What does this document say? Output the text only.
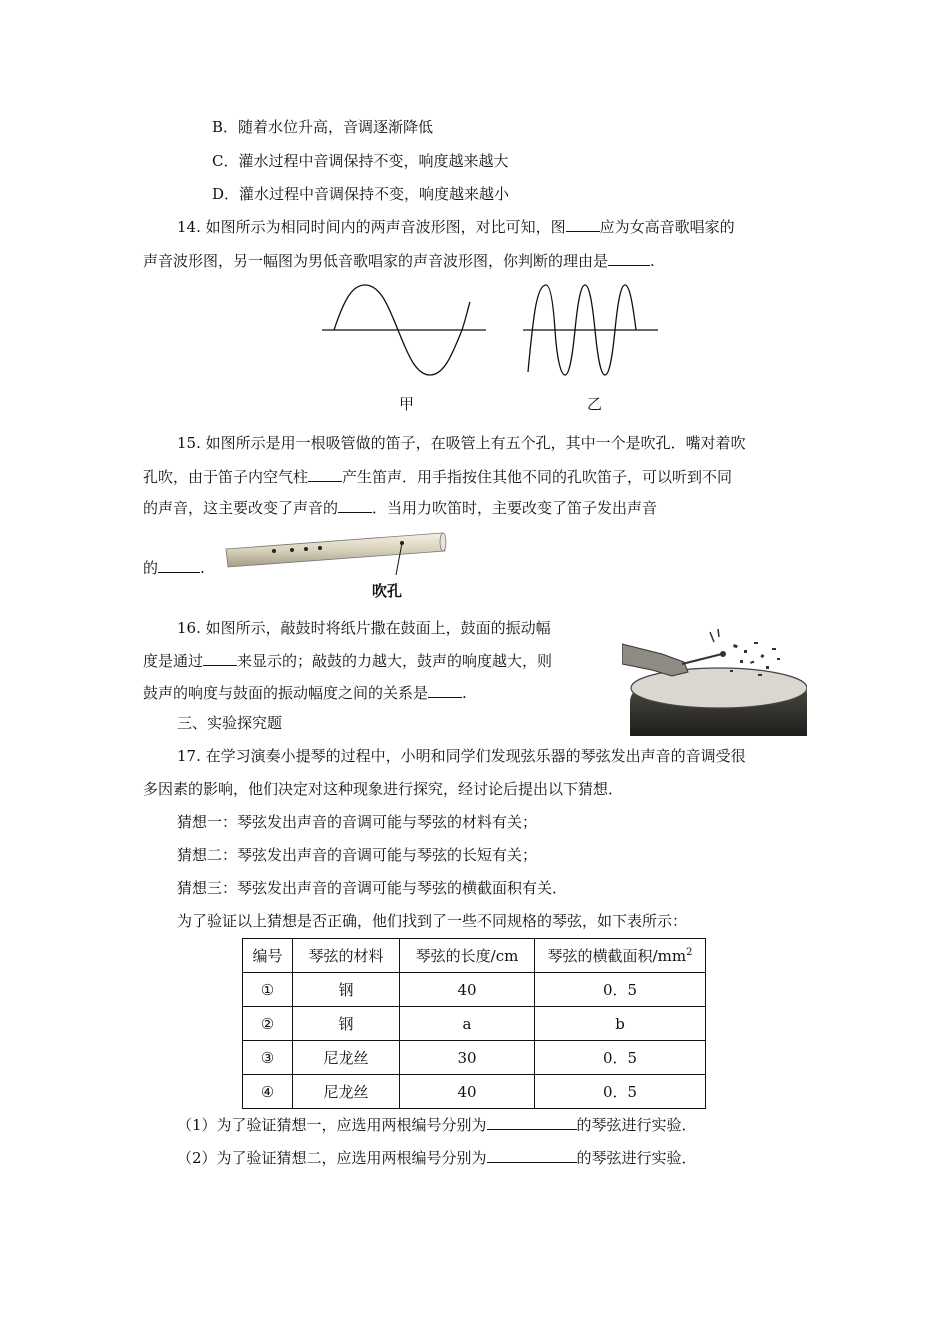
B．随着水位升高，音调逐渐降低
C．灌水过程中音调保持不变，响度越来越大
D．灌水过程中音调保持不变，响度越来越小
14. 如图所示为相同时间内的两声音波形图，对比可知，图 应为女高音歌唱家的
声音波形图，另一幅图为男低音歌唱家的声音波形图，你判断的理由是	.
甲	乙
15. 如图所示是用一根吸管做的笛子，在吸管上有五个孔，其中一个是吹孔．嘴对着吹
孔吹，由于笛子内空气柱 产生笛声．用手指按住其他不同的孔吹笛子，可以听到不同
的声音，这主要改变了声音的 ．当用力吹笛时，主要改变了笛子发出声音
的	.
吹孔
16. 如图所示，敲鼓时将纸片撒在鼓面上，鼓面的振动幅
度是通过 来显示的；敲鼓的力越大，鼓声的响度越大，则
鼓声的响度与鼓面的振动幅度之间的关系是 .
三、实验探究题
17. 在学习演奏小提琴的过程中，小明和同学们发现弦乐器的琴弦发出声音的音调受很
多因素的影响，他们决定对这种现象进行探究，经讨论后提出以下猜想．
猜想一：琴弦发出声音的音调可能与琴弦的材料有关；
猜想二：琴弦发出声音的音调可能与琴弦的长短有关；
猜想三：琴弦发出声音的音调可能与琴弦的横截面积有关．
为了验证以上猜想是否正确，他们找到了一些不同规格的琴弦，如下表所示：
编号	琴弦的材料	琴弦的长度/cm	琴弦的横截面积$/mm^2$
①	钢	40	0．5
②	钢	a	b
③	尼龙丝	30	0．5
④	尼龙丝	40	0．5
（1）为了验证猜想一，应选用两根编号分别为	的琴弦进行实验．
（2）为了验证猜想二，应选用两根编号分别为	的琴弦进行实验．
